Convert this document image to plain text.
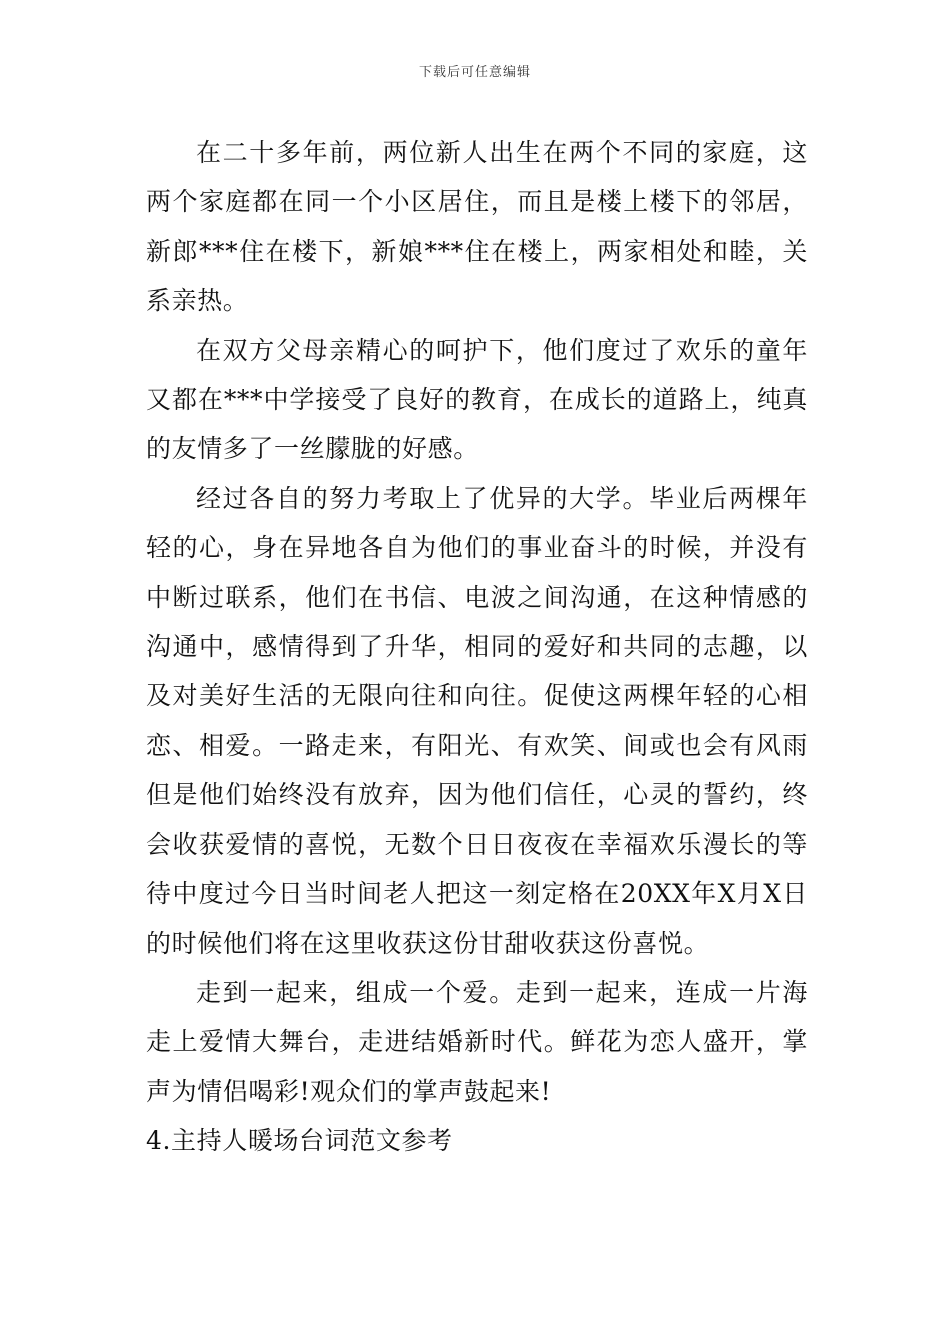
下载后可任意编辑

在二十多年前，两位新人出生在两个不同的家庭，这两个家庭都在同一个小区居住，而且是楼上楼下的邻居，新郎***住在楼下，新娘***住在楼上，两家相处和睦，关系亲热。

在双方父母亲精心的呵护下，他们度过了欢乐的童年又都在***中学接受了良好的教育，在成长的道路上，纯真的友情多了一丝朦胧的好感。

经过各自的努力考取上了优异的大学。毕业后两棵年轻的心，身在异地各自为他们的事业奋斗的时候，并没有中断过联系，他们在书信、电波之间沟通，在这种情感的沟通中，感情得到了升华，相同的爱好和共同的志趣，以及对美好生活的无限向往和向往。促使这两棵年轻的心相恋、相爱。一路走来，有阳光、有欢笑、间或也会有风雨但是他们始终没有放弃，因为他们信任，心灵的誓约，终会收获爱情的喜悦，无数个日日夜夜在幸福欢乐漫长的等待中度过今日当时间老人把这一刻定格在20XX年X月X日的时候他们将在这里收获这份甘甜收获这份喜悦。

走到一起来，组成一个爱。走到一起来，连成一片海走上爱情大舞台，走进结婚新时代。鲜花为恋人盛开，掌声为情侣喝彩!观众们的掌声鼓起来!

4.主持人暖场台词范文参考
